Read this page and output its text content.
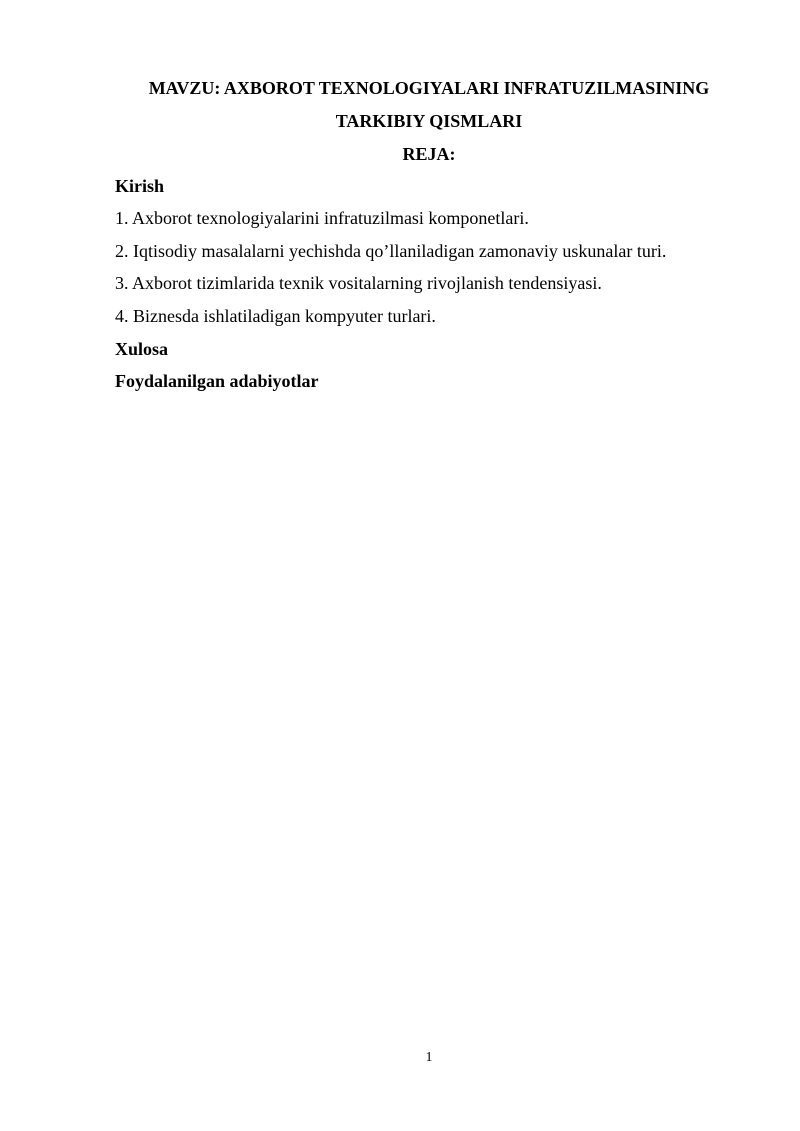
MAVZU: AXBOROT TEXNOLOGIYALARI INFRATUZILMASINING
TARKIBIY QISMLARI
REJA:
Kirish
1. Axborot texnologiyalarini infratuzilmasi komponetlari.
2. Iqtisodiy masalalarni yechishda qo’llaniladigan zamonaviy uskunalar turi.
3. Axborot tizimlarida texnik vositalarning rivojlanish tendensiyasi.
4. Biznesda ishlatiladigan kompyuter turlari.
Xulosa
Foydalanilgan adabiyotlar
1
